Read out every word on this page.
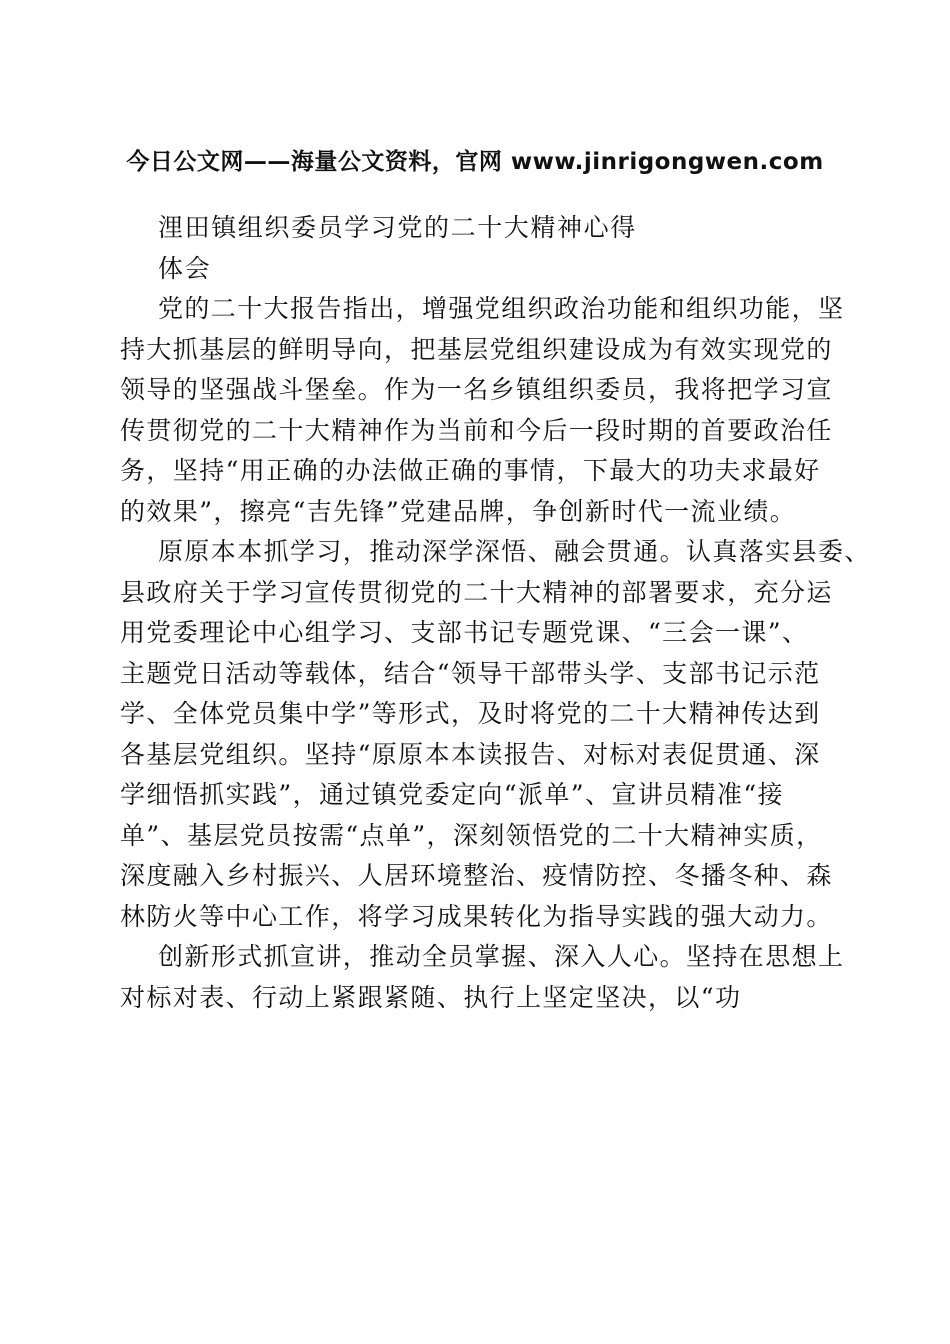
今日公文网——海量公文资料，官网 www.jinrigongwen.com
浬田镇组织委员学习党的二十大精神心得
体会
党的二十大报告指出，增强党组织政治功能和组织功能，坚
持大抓基层的鲜明导向，把基层党组织建设成为有效实现党的
领导的坚强战斗堡垒。作为一名乡镇组织委员，我将把学习宣
传贯彻党的二十大精神作为当前和今后一段时期的首要政治任
务，坚持“用正确的办法做正确的事情，下最大的功夫求最好
的效果”，擦亮“吉先锋”党建品牌，争创新时代一流业绩。
原原本本抓学习，推动深学深悟、融会贯通。认真落实县委、
县政府关于学习宣传贯彻党的二十大精神的部署要求，充分运
用党委理论中心组学习、支部书记专题党课、“三会一课”、
主题党日活动等载体，结合“领导干部带头学、支部书记示范
学、全体党员集中学”等形式，及时将党的二十大精神传达到
各基层党组织。坚持“原原本本读报告、对标对表促贯通、深
学细悟抓实践”，通过镇党委定向“派单”、宣讲员精准“接
单”、基层党员按需“点单”，深刻领悟党的二十大精神实质，
深度融入乡村振兴、人居环境整治、疫情防控、冬播冬种、森
林防火等中心工作，将学习成果转化为指导实践的强大动力。
创新形式抓宣讲，推动全员掌握、深入人心。坚持在思想上
对标对表、行动上紧跟紧随、执行上坚定坚决，以“功
